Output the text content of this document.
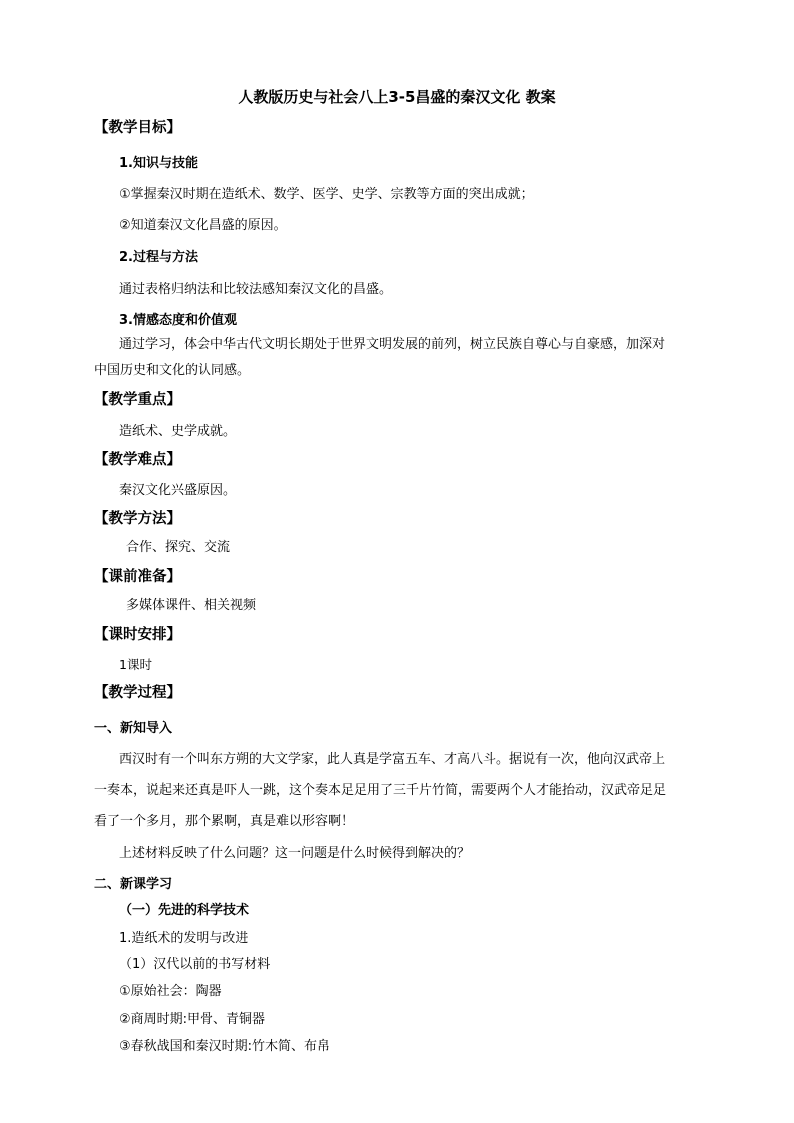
人教版历史与社会八上3-5昌盛的秦汉文化 教案
【教学目标】
1.知识与技能
①掌握秦汉时期在造纸术、数学、医学、史学、宗教等方面的突出成就；
②知道秦汉文化昌盛的原因。
2.过程与方法
通过表格归纳法和比较法感知秦汉文化的昌盛。
3.情感态度和价值观
通过学习，体会中华古代文明长期处于世界文明发展的前列，树立民族自尊心与自豪感，加深对
中国历史和文化的认同感。
【教学重点】
造纸术、史学成就。
【教学难点】
秦汉文化兴盛原因。
【教学方法】
合作、探究、交流
【课前准备】
多媒体课件、相关视频
【课时安排】
1课时
【教学过程】
一、新知导入
西汉时有一个叫东方朔的大文学家，此人真是学富五车、才高八斗。据说有一次，他向汉武帝上
一奏本，说起来还真是吓人一跳，这个奏本足足用了三千片竹简，需要两个人才能抬动，汉武帝足足
看了一个多月，那个累啊，真是难以形容啊！
上述材料反映了什么问题？这一问题是什么时候得到解决的？
二、新课学习
（一）先进的科学技术
1.造纸术的发明与改进
（1）汉代以前的书写材料
①原始社会：陶器
②商周时期:甲骨、青铜器
③春秋战国和秦汉时期:竹木简、布帛
